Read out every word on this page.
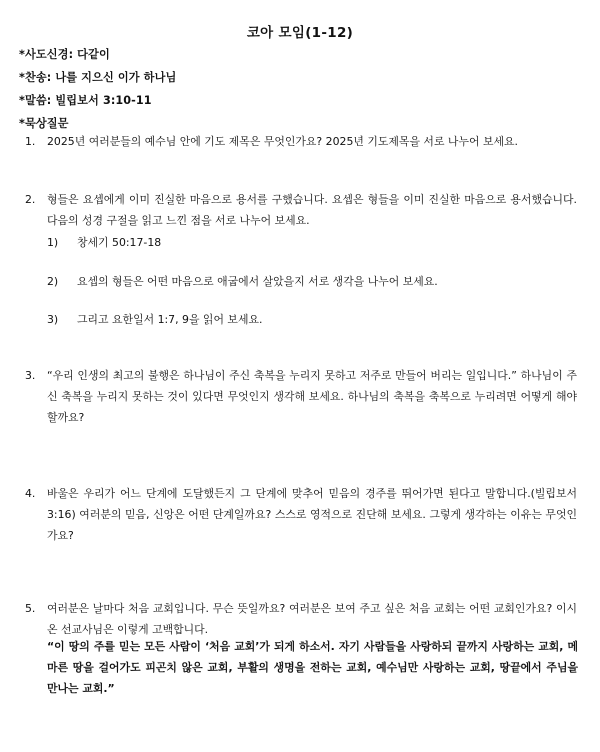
코아 모임(1-12)
*사도신경: 다같이
*찬송: 나를 지으신 이가 하나님
*말씀: 빌립보서 3:10-11
*묵상질문
1. 2025년 여러분들의 예수님 안에 기도 제목은 무엇인가요? 2025년 기도제목을 서로 나누어 보세요.
2. 형들은 요셉에게 이미 진실한 마음으로 용서를 구했습니다. 요셉은 형들을 이미 진실한 마음으로 용서했습니다. 다음의 성경 구절을 읽고 느낀 점을 서로 나누어 보세요.
1) 창세기 50:17-18
2) 요셉의 형들은 어떤 마음으로 애굽에서 살았을지 서로 생각을 나누어 보세요.
3) 그리고 요한일서 1:7, 9을 읽어 보세요.
3. “우리 인생의 최고의 불행은 하나님이 주신 축복을 누리지 못하고 저주로 만들어 버리는 일입니다.” 하나님이 주신 축복을 누리지 못하는 것이 있다면 무엇인지 생각해 보세요. 하나님의 축복을 축복으로 누리려면 어떻게 해야 할까요?
4. 바울은 우리가 어느 단계에 도달했든지 그 단계에 맞추어 믿음의 경주를 뛰어가면 된다고 말합니다.(빌립보서 3:16) 여러분의 믿음, 신앙은 어떤 단계일까요? 스스로 영적으로 진단해 보세요. 그렇게 생각하는 이유는 무엇인가요?
5. 여러분은 날마다 처음 교회입니다. 무슨 뜻일까요? 여러분은 보여 주고 싶은 처음 교회는 어떤 교회인가요? 이시온 선교사님은 이렇게 고백합니다.
“이 땅의 주를 믿는 모든 사람이 ‘처음 교회’가 되게 하소서. 자기 사람들을 사랑하되 끝까지 사랑하는 교회, 메마른 땅을 걸어가도 피곤치 않은 교회, 부활의 생명을 전하는 교회, 예수님만 사랑하는 교회, 땅끝에서 주님을 만나는 교회.”
